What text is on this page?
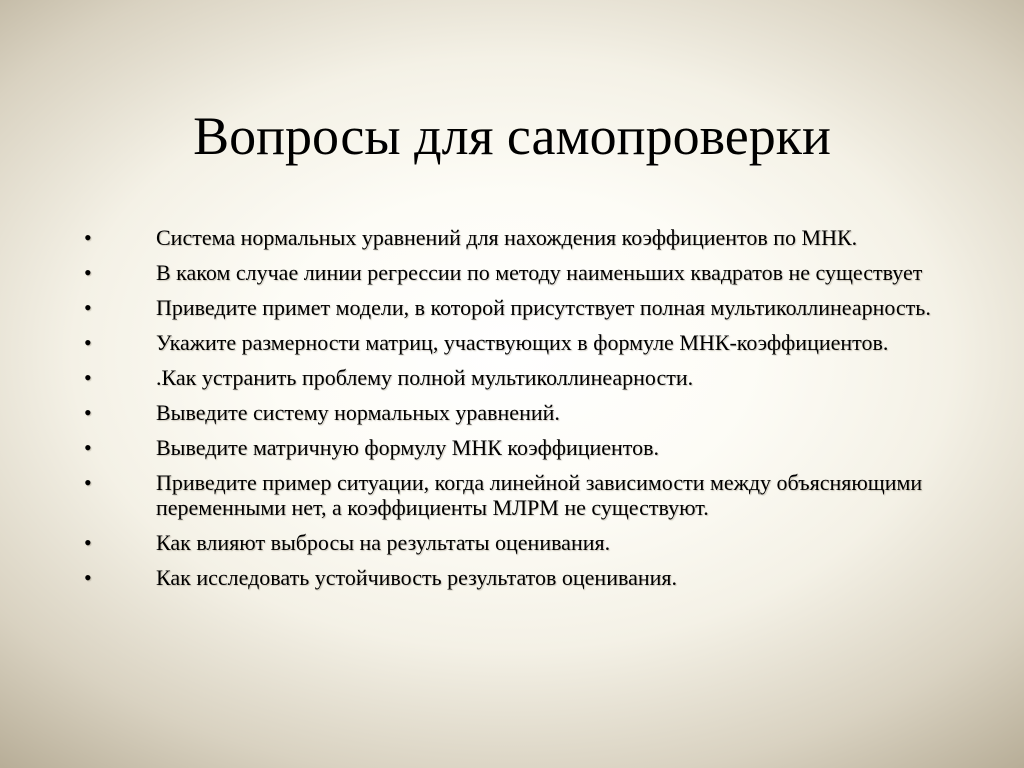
Вопросы для самопроверки
•	Система нормальных уравнений для нахождения коэффициентов по МНК.
•	В каком случае линии регрессии по методу наименьших квадратов не существует
•	Приведите примет модели, в которой присутствует полная мультиколлинеарность.
•	Укажите размерности матриц, участвующих в формуле МНК-коэффициентов.
•	.Как устранить проблему полной мультиколлинеарности.
•	Выведите систему нормальных уравнений.
•	Выведите матричную формулу МНК коэффициентов.
•	Приведите пример ситуации, когда линейной зависимости между объясняющими переменными нет, а коэффициенты МЛРМ не существуют.
•	Как влияют выбросы на результаты оценивания.
•	Как исследовать устойчивость результатов оценивания.
